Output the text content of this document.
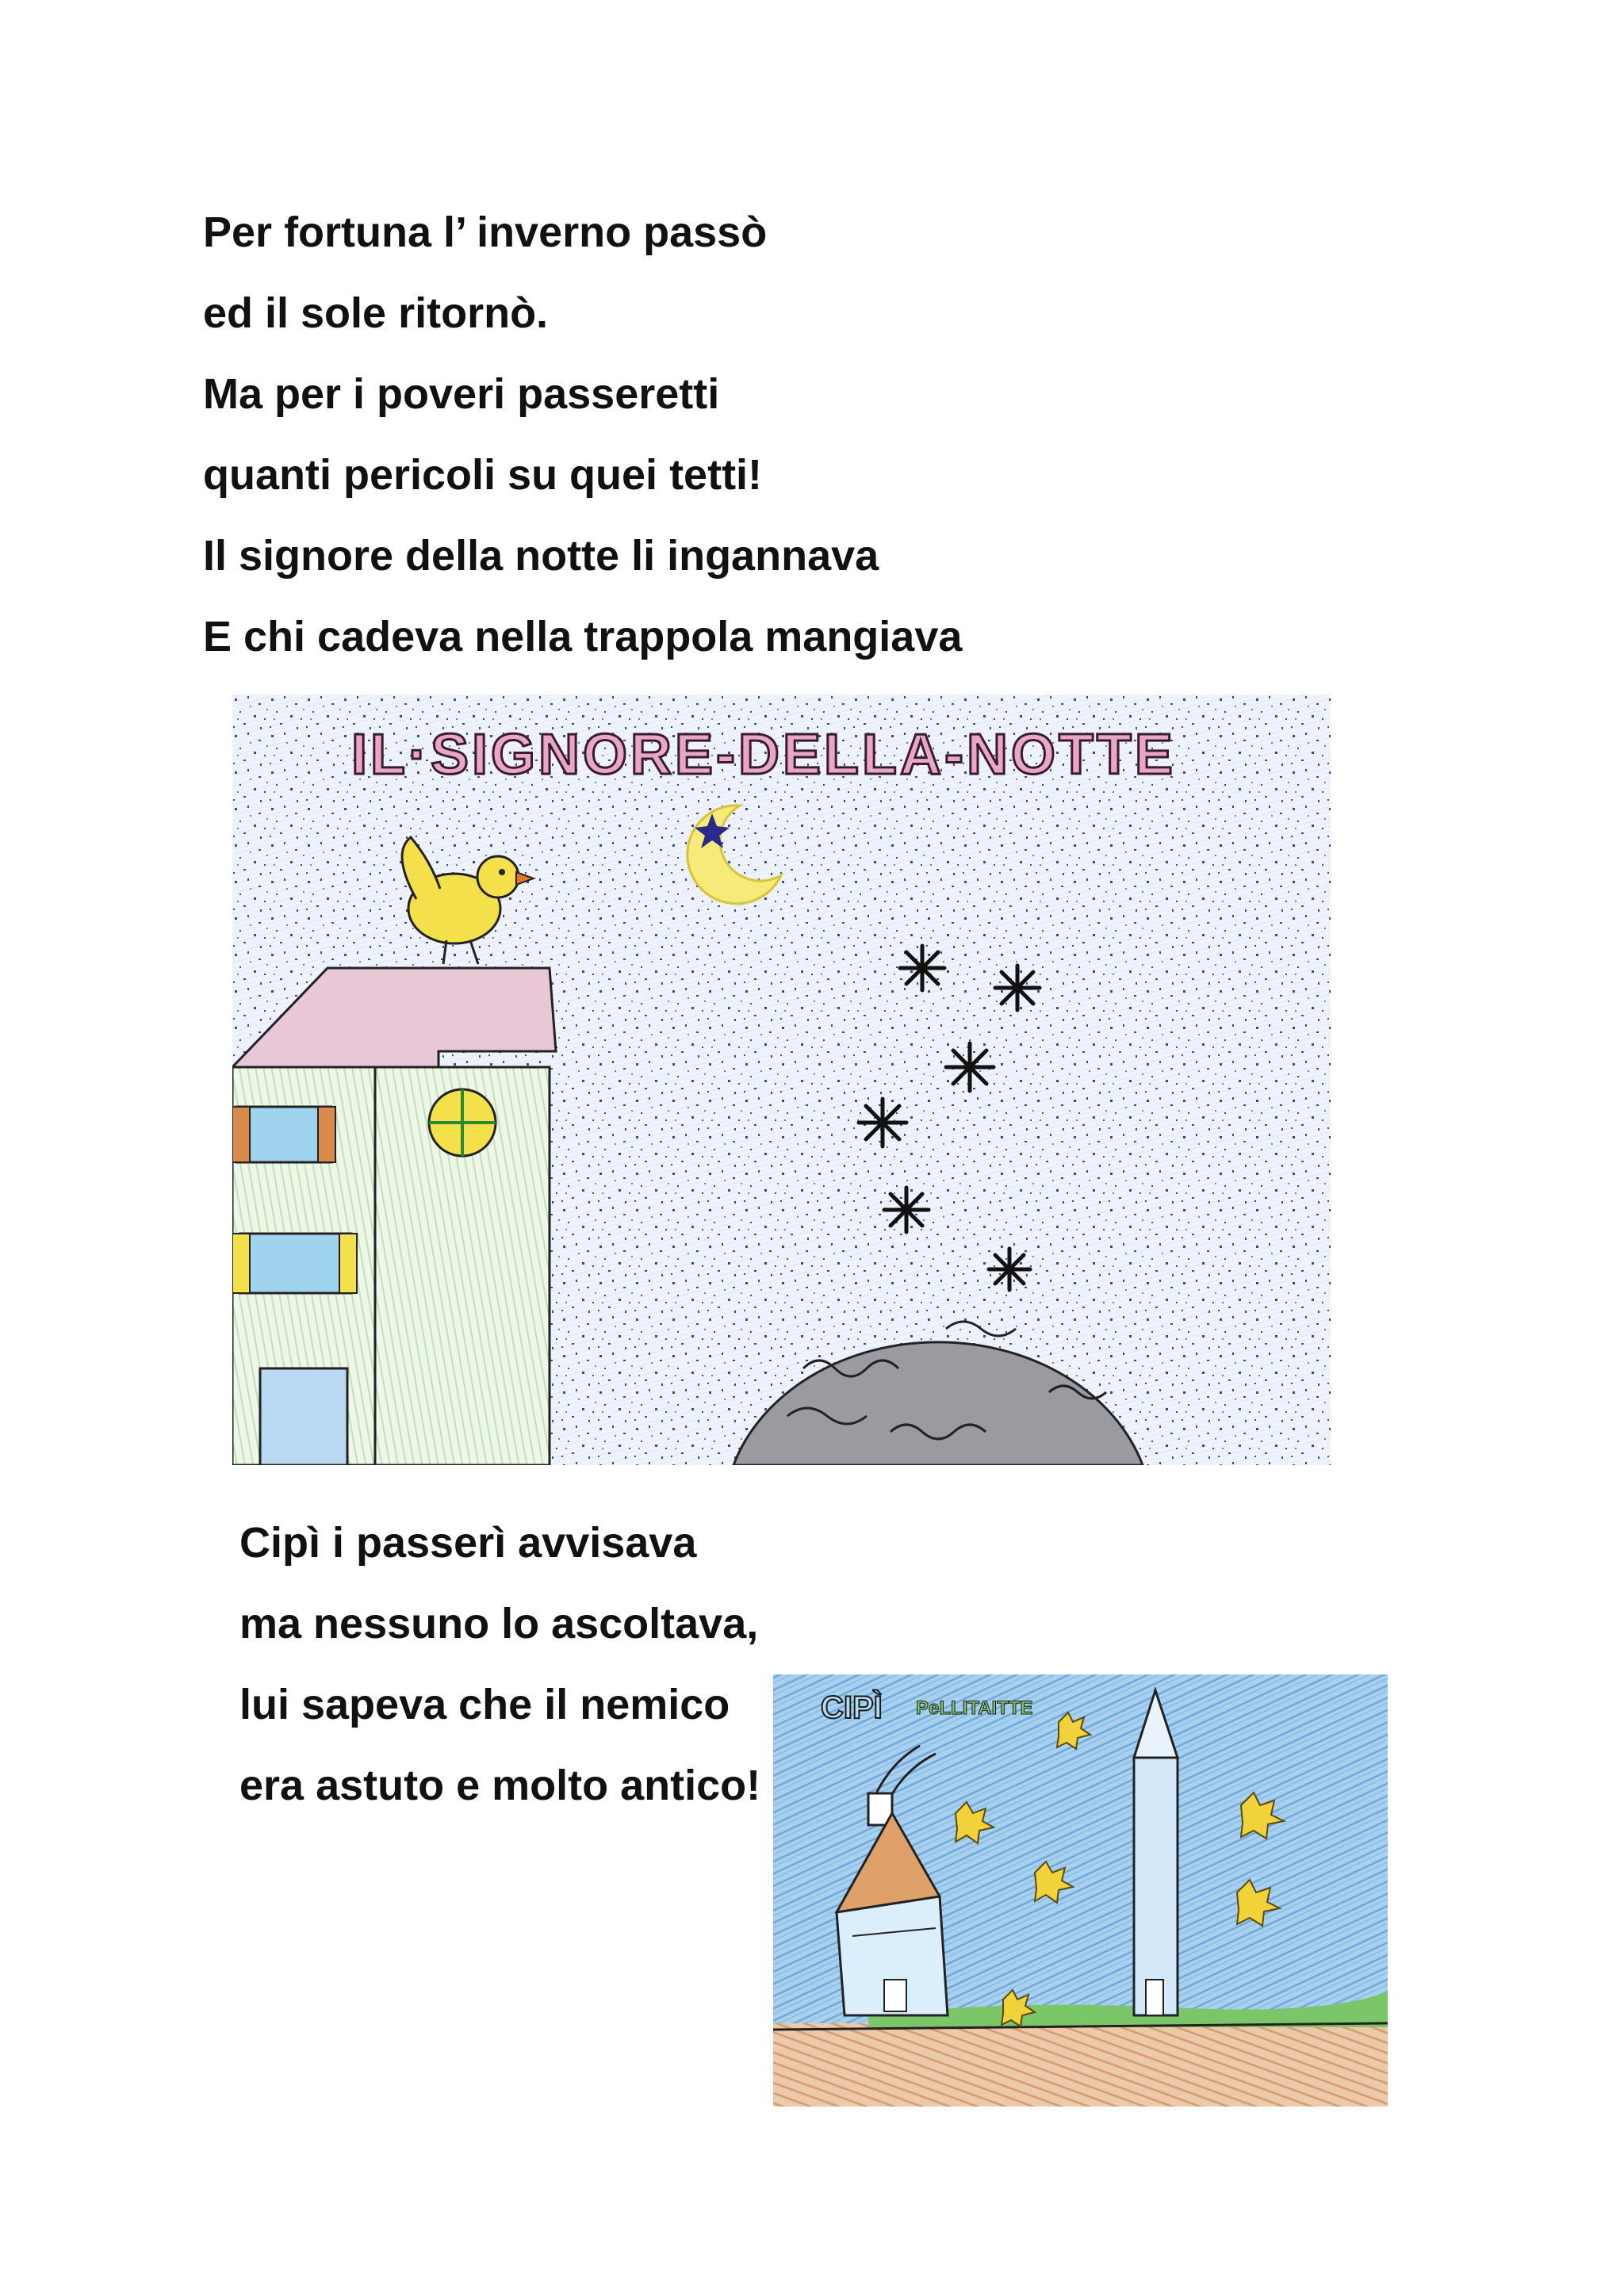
Per fortuna l’ inverno passò

ed il sole ritornò.

Ma per i poveri passeretti

quanti pericoli su quei tetti!

Il signore della notte li ingannava

E chi cadeva nella trappola mangiava

IL·SIGNORE-DELLA-NOTTE

Cipì i passerì avvisava

ma nessuno lo ascoltava,

lui sapeva che il nemico

era astuto e molto antico!

CIPÌ PeLLITAITTE
